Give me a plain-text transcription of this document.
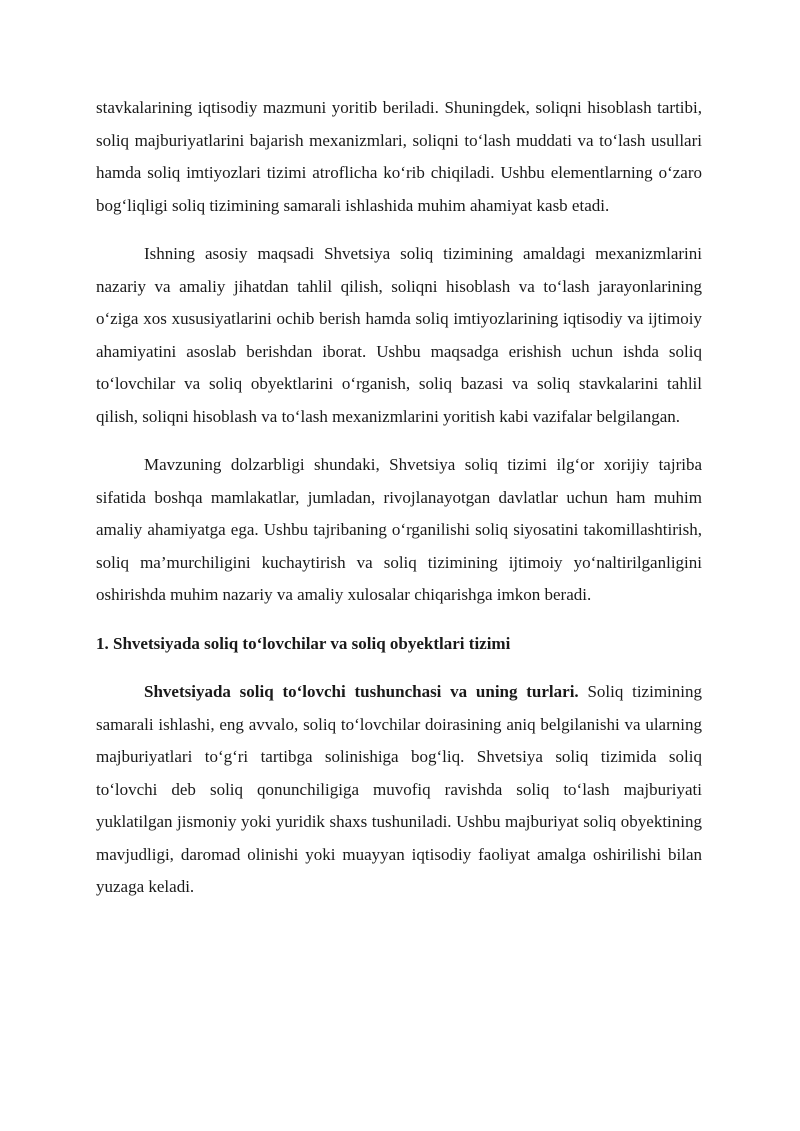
stavkalarining iqtisodiy mazmuni yoritib beriladi. Shuningdek, soliqni hisoblash tartibi, soliq majburiyatlarini bajarish mexanizmlari, soliqni to‘lash muddati va to‘lash usullari hamda soliq imtiyozlari tizimi atroflicha ko‘rib chiqiladi. Ushbu elementlarning o‘zaro bog‘liqligi soliq tizimining samarali ishlashida muhim ahamiyat kasb etadi.

Ishning asosiy maqsadi Shvetsiya soliq tizimining amaldagi mexanizmlarini nazariy va amaliy jihatdan tahlil qilish, soliqni hisoblash va to‘lash jarayonlarining o‘ziga xos xususiyatlarini ochib berish hamda soliq imtiyozlarining iqtisodiy va ijtimoiy ahamiyatini asoslab berishdan iborat. Ushbu maqsadga erishish uchun ishda soliq to‘lovchilar va soliq obyektlarini o‘rganish, soliq bazasi va soliq stavkalarini tahlil qilish, soliqni hisoblash va to‘lash mexanizmlarini yoritish kabi vazifalar belgilangan.

Mavzuning dolzarbligi shundaki, Shvetsiya soliq tizimi ilg‘or xorijiy tajriba sifatida boshqa mamlakatlar, jumladan, rivojlanayotgan davlatlar uchun ham muhim amaliy ahamiyatga ega. Ushbu tajribaning o‘rganilishi soliq siyosatini takomillashtirish, soliq ma’murchiligini kuchaytirish va soliq tizimining ijtimoiy yo‘naltirilganligini oshirishda muhim nazariy va amaliy xulosalar chiqarishga imkon beradi.

1. Shvetsiyada soliq to‘lovchilar va soliq obyektlari tizimi

Shvetsiyada soliq to‘lovchi tushunchasi va uning turlari. Soliq tizimining samarali ishlashi, eng avvalo, soliq to‘lovchilar doirasining aniq belgilanishi va ularning majburiyatlari to‘g‘ri tartibga solinishiga bog‘liq. Shvetsiya soliq tizimida soliq to‘lovchi deb soliq qonunchiligiga muvofiq ravishda soliq to‘lash majburiyati yuklatilgan jismoniy yoki yuridik shaxs tushuniladi. Ushbu majburiyat soliq obyektining mavjudligi, daromad olinishi yoki muayyan iqtisodiy faoliyat amalga oshirilishi bilan yuzaga keladi.
